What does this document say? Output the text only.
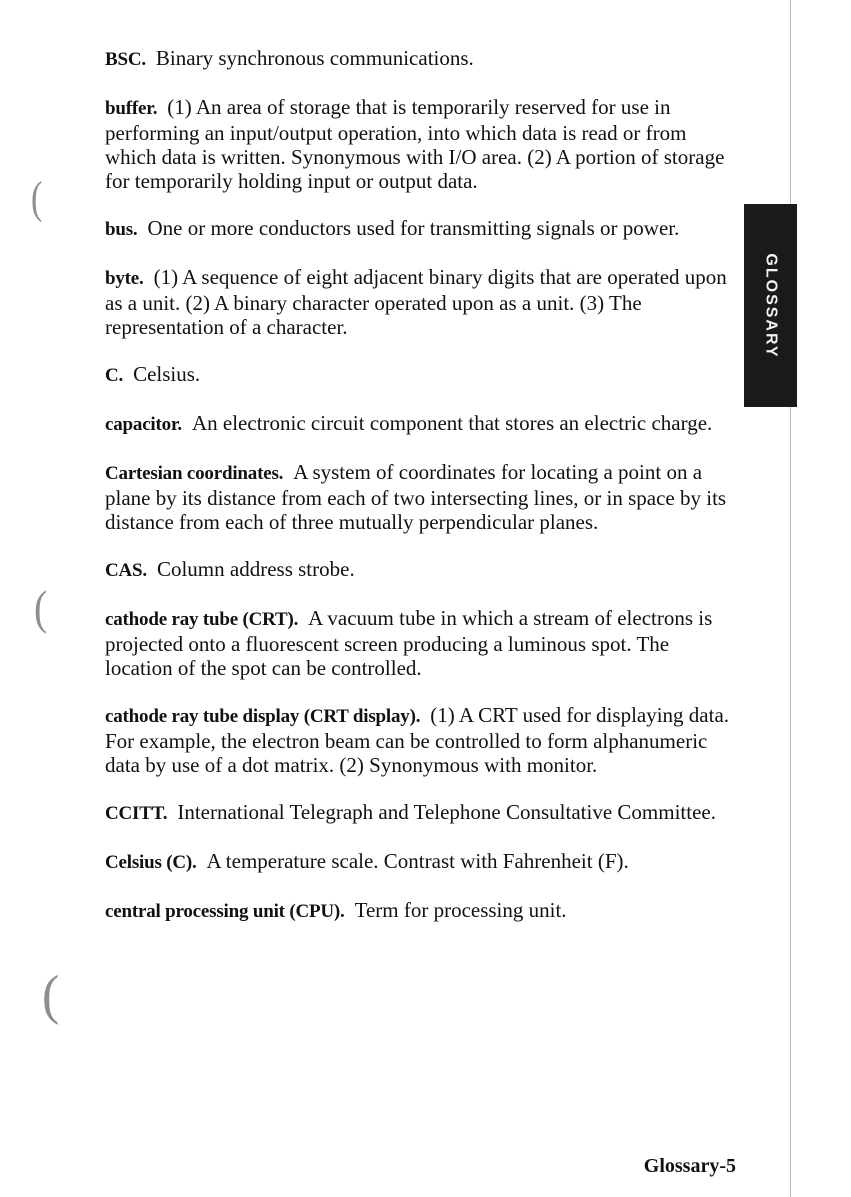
BSC. Binary synchronous communications.
buffer. (1) An area of storage that is temporarily reserved for use in performing an input/output operation, into which data is read or from which data is written. Synonymous with I/O area. (2) A portion of storage for temporarily holding input or output data.
bus. One or more conductors used for transmitting signals or power.
byte. (1) A sequence of eight adjacent binary digits that are operated upon as a unit. (2) A binary character operated upon as a unit. (3) The representation of a character.
C. Celsius.
capacitor. An electronic circuit component that stores an electric charge.
Cartesian coordinates. A system of coordinates for locating a point on a plane by its distance from each of two intersecting lines, or in space by its distance from each of three mutually perpendicular planes.
CAS. Column address strobe.
cathode ray tube (CRT). A vacuum tube in which a stream of electrons is projected onto a fluorescent screen producing a luminous spot. The location of the spot can be controlled.
cathode ray tube display (CRT display). (1) A CRT used for displaying data. For example, the electron beam can be controlled to form alphanumeric data by use of a dot matrix. (2) Synonymous with monitor.
CCITT. International Telegraph and Telephone Consultative Committee.
Celsius (C). A temperature scale. Contrast with Fahrenheit (F).
central processing unit (CPU). Term for processing unit.
GLOSSARY
Glossary-5
(
(
(
